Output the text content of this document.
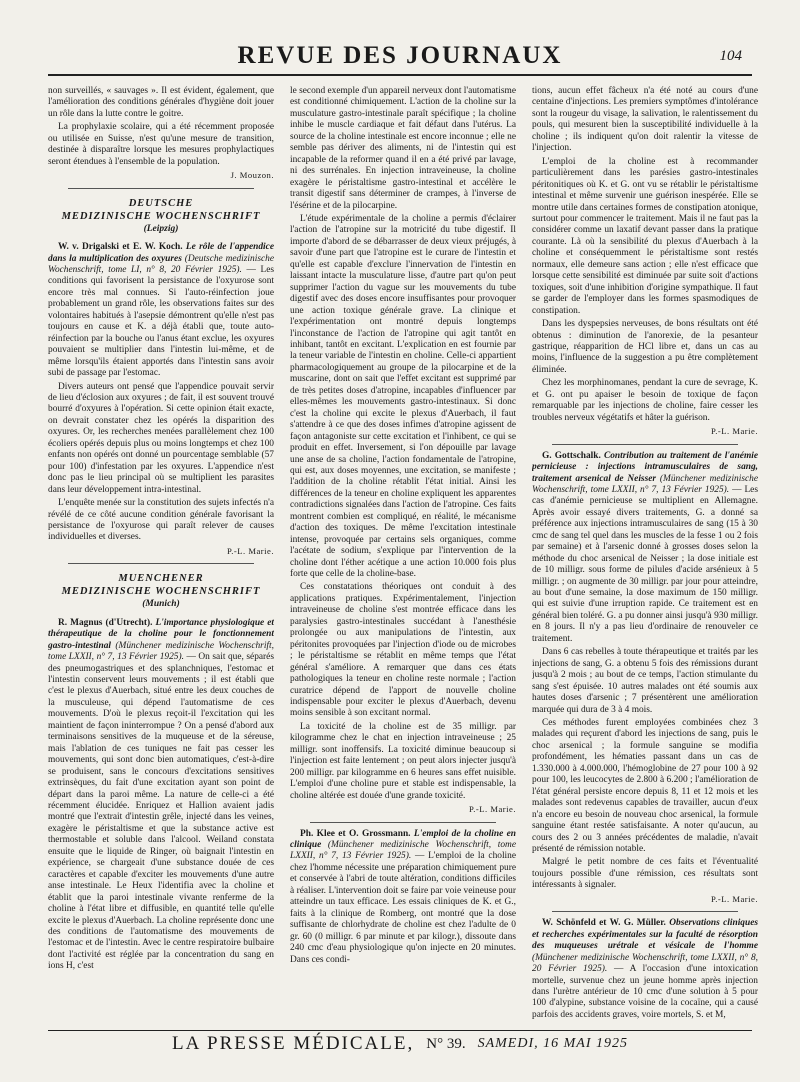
REVUE DES JOURNAUX	104

non surveillés, « sauvages ». Il est évident, également, que l'amélioration des conditions générales d'hygiène doit jouer un rôle dans la lutte contre le goitre.

La prophylaxie scolaire, qui a été récemment proposée ou utilisée en Suisse, n'est qu'une mesure de transition, destinée à disparaître lorsque les mesures prophylactiques seront étendues à l'ensemble de la population.

J. Mouzon.
DEUTSCHE
MEDIZINISCHE WOCHENSCHRIFT
(Leipzig)

W. v. Drigalski et E. W. Koch. Le rôle de l'appendice dans la multiplication des oxyures (Deutsche medizinische Wochenschrift, tome LI, n° 8, 20 Février 1925). — Les conditions qui favorisent la persistance de l'oxyurose sont encore très mal connues. Si l'auto-réinfection joue probablement un grand rôle, les observations faites sur des volontaires habitués à l'asepsie démontrent qu'elle n'est pas toujours en cause et K. a déjà établi que, toute auto-réinfection par la bouche ou l'anus étant exclue, les oxyures pouvaient se multiplier dans l'intestin lui-même, et de même lorsqu'ils étaient apportés dans l'intestin sans avoir subi de passage par l'estomac.

Divers auteurs ont pensé que l'appendice pouvait servir de lieu d'éclosion aux oxyures ; de fait, il est souvent trouvé bourré d'oxyures à l'opération. Si cette opinion était exacte, on devrait constater chez les opérés la disparition des oxyures. Or, les recherches menées parallèlement chez 100 écoliers opérés depuis plus ou moins longtemps et chez 100 enfants non opérés ont donné un pourcentage semblable (57 pour 100) d'infestation par les oxyures. L'appendice n'est donc pas le lieu principal où se multiplient les parasites dans leur développement intra-intestinal.

L'enquête menée sur la constitution des sujets infectés n'a révélé de ce côté aucune condition générale favorisant la persistance de l'oxyurose qui paraît relever de causes individuelles et diverses.

P.-L. Marie.
MUENCHENER
MEDIZINISCHE WOCHENSCHRIFT
(Munich)

R. Magnus (d'Utrecht). L'importance physiologique et thérapeutique de la choline pour le fonctionnement gastro-intestinal (Münchener medizinische Wochenschrift, tome LXXII, n° 7, 13 Février 1925). — On sait que, séparés des pneumogastriques et des splanchniques, l'estomac et l'intestin conservent leurs mouvements ; il est établi que c'est le plexus d'Auerbach, situé entre les deux couches de la musculeuse, qui dépend l'automatisme de ces mouvements. D'où le plexus reçoit-il l'excitation qui les maintient de façon ininterrompue ? On a pensé d'abord aux terminaisons sensitives de la muqueuse et de la séreuse, mais l'ablation de ces tuniques ne fait pas cesser les mouvements, qui sont donc bien automatiques, c'est-à-dire se produisent, sans le concours d'excitations sensitives extrinsèques, du fait d'une excitation ayant son point de départ dans la paroi même. La nature de celle-ci a été récemment élucidée. Enriquez et Hallion avaient jadis montré que l'extrait d'intestin grêle, injecté dans les veines, exagère le péristaltisme et que la substance active est thermostable et soluble dans l'alcool. Weiland constata ensuite que le liquide de Ringer, où baignait l'intestin en expérience, se chargeait d'une substance douée de ces caractères et capable d'exciter les mouvements d'une autre anse intestinale. Le Heux l'identifia avec la choline et établit que la paroi intestinale vivante renferme de la choline à l'état libre et diffusible, en quantité telle qu'elle excite le plexus d'Auerbach. La choline représente donc une des conditions de l'automatisme des mouvements de l'estomac et de l'intestin. Avec le centre respiratoire bulbaire dont l'activité est réglée par la concentration du sang en ions H, c'est

le second exemple d'un appareil nerveux dont l'automatisme est conditionné chimiquement. L'action de la choline sur la musculature gastro-intestinale paraît spécifique ; la choline inhibe le muscle cardiaque et fait défaut dans l'utérus. La source de la choline intestinale est encore inconnue ; elle ne semble pas dériver des aliments, ni de l'intestin qui est incapable de la reformer quand il en a été privé par lavage, ni des surrénales. En injection intraveineuse, la choline exagère le péristaltisme gastro-intestinal et accélère le transit digestif sans déterminer de crampes, à l'inverse de l'ésérine et de la pilocarpine.

L'étude expérimentale de la choline a permis d'éclairer l'action de l'atropine sur la motricité du tube digestif. Il importe d'abord de se débarrasser de deux vieux préjugés, à savoir d'une part que l'atropine est le curare de l'intestin et qu'elle est capable d'exclure l'innervation de l'intestin en laissant intacte la musculature lisse, d'autre part qu'on peut supprimer l'action du vague sur les mouvements du tube digestif avec des doses encore insuffisantes pour provoquer une action toxique générale grave. La clinique et l'expérimentation ont montré depuis longtemps l'inconstance de l'action de l'atropine qui agit tantôt en inhibant, tantôt en excitant. L'explication en est fournie par la teneur variable de l'intestin en choline. Celle-ci appartient pharmacologiquement au groupe de la pilocarpine et de la muscarine, dont on sait que l'effet excitant est supprimé par de très petites doses d'atropine, incapables d'influencer par elles-mêmes les mouvements gastro-intestinaux. Si donc c'est la choline qui excite le plexus d'Auerbach, il faut s'attendre à ce que des doses infimes d'atropine agissent de façon antagoniste sur cette excitation et l'inhibent, ce qui se produit en effet. Inversement, si l'on dépouille par lavage une anse de sa choline, l'action fondamentale de l'atropine, qui est, aux doses moyennes, une excitation, se manifeste ; l'addition de la choline rétablit l'état initial. Ainsi les différences de la teneur en choline expliquent les apparentes contradictions signalées dans l'action de l'atropine. Ces faits montrent combien est compliqué, en réalité, le mécanisme d'action des toxiques. De même l'excitation intestinale intense, provoquée par certains sels organiques, comme l'acétate de sodium, s'explique par l'intervention de la choline dont l'éther acétique a une action 10.000 fois plus forte que celle de la choline-base.

Ces constatations théoriques ont conduit à des applications pratiques. Expérimentalement, l'injection intraveineuse de choline s'est montrée efficace dans les paralysies gastro-intestinales succédant à l'anesthésie prolongée ou aux manipulations de l'intestin, aux péritonites provoquées par l'injection d'iode ou de microbes ; le péristaltisme se rétablit en même temps que l'état général s'améliore. A remarquer que dans ces états pathologiques la teneur en choline reste normale ; l'action curatrice dépend de l'apport de nouvelle choline indispensable pour exciter le plexus d'Auerbach, devenu moins sensible à son excitant normal.

La toxicité de la choline est de 35 milligr. par kilogramme chez le chat en injection intraveineuse ; 25 milligr. sont inoffensifs. La toxicité diminue beaucoup si l'injection est faite lentement ; on peut alors injecter jusqu'à 200 milligr. par kilogramme en 6 heures sans effet nuisible. L'emploi d'une choline pure et stable est indispensable, la choline altérée est douée d'une grande toxicité.

P.-L. Marie.

Ph. Klee et O. Grossmann. L'emploi de la choline en clinique (Münchener medizinische Wochenschrift, tome LXXII, n° 7, 13 Février 1925). — L'emploi de la choline chez l'homme nécessite une préparation chimiquement pure et conservée à l'abri de toute altération, conditions difficiles à réaliser. L'intervention doit se faire par voie veineuse pour atteindre un taux efficace. Les essais cliniques de K. et G., faits à la clinique de Romberg, ont montré que la dose suffisante de chlorhydrate de choline est chez l'adulte de 0 gr. 60 (0 milligr. 6 par minute et par kilogr.), dissoute dans 240 cmc d'eau physiologique qu'on injecte en 20 minutes. Dans ces condi-

tions, aucun effet fâcheux n'a été noté au cours d'une centaine d'injections. Les premiers symptômes d'intolérance sont la rougeur du visage, la salivation, le ralentissement du pouls, qui mesurent bien la susceptibilité individuelle à la choline ; ils indiquent qu'on doit ralentir la vitesse de l'injection.

L'emploi de la choline est à recommander particulièrement dans les parésies gastro-intestinales péritonitiques où K. et G. ont vu se rétablir le péristaltisme intestinal et même survenir une guérison inespérée. Elle se montre utile dans certaines formes de constipation atonique, surtout pour commencer le traitement. Mais il ne faut pas la considérer comme un laxatif devant passer dans la pratique courante. Là où la sensibilité du plexus d'Auerbach à la choline et conséquemment le péristaltisme sont restés normaux, elle demeure sans action ; elle n'est efficace que lorsque cette sensibilité est diminuée par suite soit d'actions toxiques, soit d'une inhibition d'origine sympathique. Il faut se garder de l'employer dans les formes spasmodiques de constipation.

Dans les dyspepsies nerveuses, de bons résultats ont été obtenus : diminution de l'anorexie, de la pesanteur gastrique, réapparition de HCl libre et, dans un cas au moins, l'influence de la suggestion a pu être complètement éliminée.

Chez les morphinomanes, pendant la cure de sevrage, K. et G. ont pu apaiser le besoin de toxique de façon remarquable par les injections de choline, faire cesser les troubles nerveux végétatifs et hâter la guérison.

P.-L. Marie.

G. Gottschalk. Contribution au traitement de l'anémie pernicieuse : injections intramusculaires de sang, traitement arsenical de Neisser (Münchener medizinische Wochenschrift, tome LXXII, n° 7, 13 Février 1925). — Les cas d'anémie pernicieuse se multiplient en Allemagne. Après avoir essayé divers traitements, G. a donné sa préférence aux injections intramusculaires de sang (15 à 30 cmc de sang tel quel dans les muscles de la fesse 1 ou 2 fois par semaine) et à l'arsenic donné à grosses doses selon la méthode du choc arsenical de Neisser ; la dose initiale est de 10 milligr. sous forme de pilules d'acide arsénieux à 5 milligr. ; on augmente de 30 milligr. par jour pour atteindre, au bout d'une semaine, la dose maximum de 150 milligr. qui est suivie d'une irruption rapide. Ce traitement est en général bien toléré. G. a pu donner ainsi jusqu'à 930 milligr. en 8 jours. Il n'y a pas lieu d'ordinaire de renouveler ce traitement.

Dans 6 cas rebelles à toute thérapeutique et traités par les injections de sang, G. a obtenu 5 fois des rémissions durant jusqu'à 2 mois ; au bout de ce temps, l'action stimulante du sang s'est épuisée. 10 autres malades ont été soumis aux hautes doses d'arsenic ; 7 présentèrent une amélioration marquée qui dura de 3 à 4 mois.

Ces méthodes furent employées combinées chez 3 malades qui reçurent d'abord les injections de sang, puis le choc arsenical ; la formule sanguine se modifia profondément, les hématies passant dans un cas de 1.330.000 à 4.000.000, l'hémoglobine de 27 pour 100 à 92 pour 100, les leucocytes de 2.800 à 6.200 ; l'amélioration de l'état général persiste encore depuis 8, 11 et 12 mois et les malades sont redevenus capables de travailler, aucun d'eux n'a encore eu besoin de nouveau choc arsenical, la formule sanguine étant restée satisfaisante. A noter qu'aucun, au cours des 2 ou 3 années précédentes de maladie, n'avait présenté de rémission notable.

Malgré le petit nombre de ces faits et l'éventualité toujours possible d'une rémission, ces résultats sont intéressants à signaler.

P.-L. Marie.

W. Schönfeld et W. G. Müller. Observations cliniques et recherches expérimentales sur la faculté de résorption des muqueuses urétrale et vésicale de l'homme (Münchener medizinische Wochenschrift, tome LXXII, n° 8, 20 Février 1925). — A l'occasion d'une intoxication mortelle, survenue chez un jeune homme après injection dans l'urètre antérieur de 10 cmc d'une solution à 5 pour 100 d'alypine, substance voisine de la cocaïne, qui a causé parfois des accidents graves, voire mortels, S. et M,

LA PRESSE MÉDICALE, N° 39. SAMEDI, 16 MAI 1925
